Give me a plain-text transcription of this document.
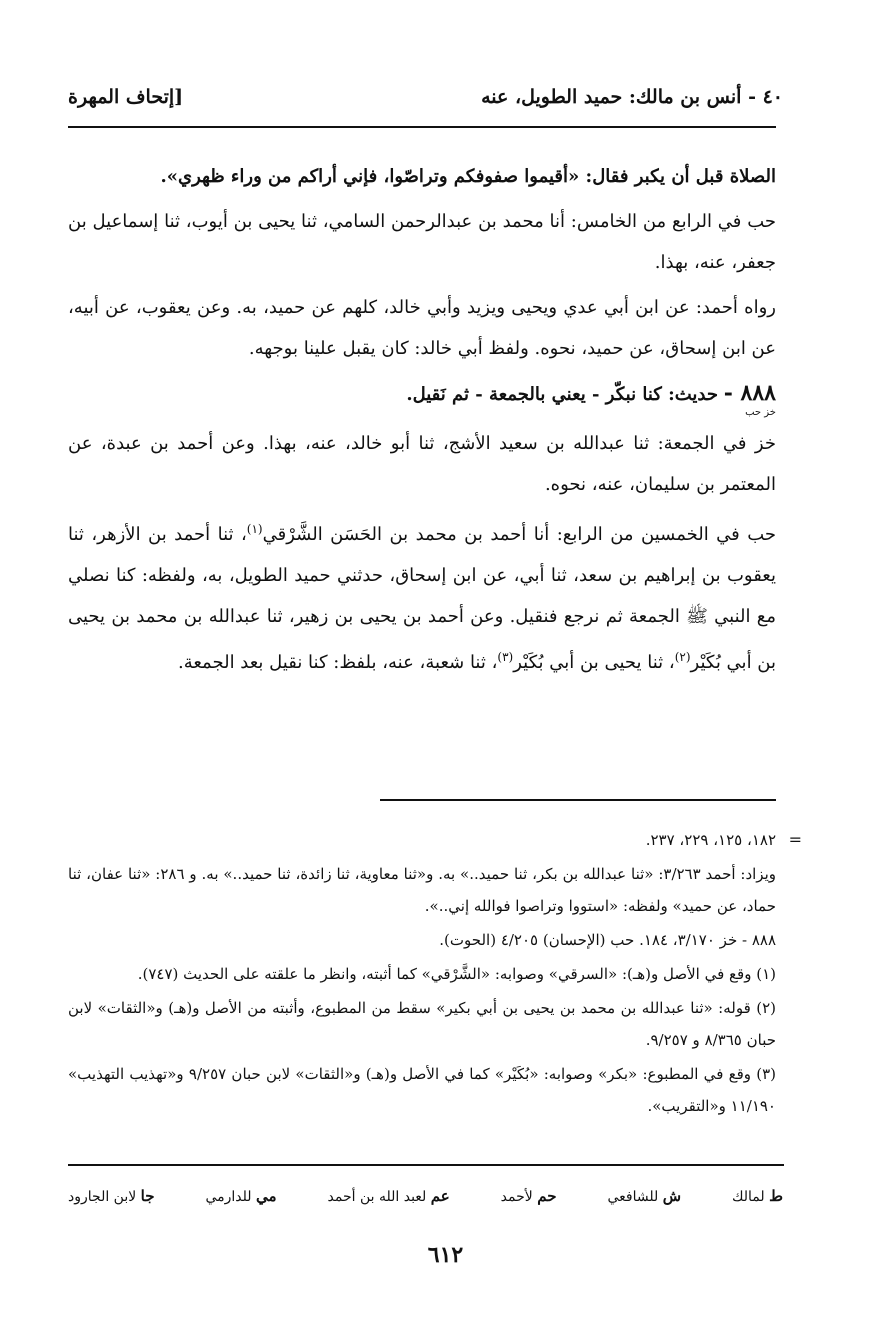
٤٠ - أنس بن مالك: حميد الطويل، عنه
[إتحاف المهرة

الصلاة قبل أن يكبر فقال: «أقيموا صفوفكم وتراصّوا، فإني أراكم من وراء ظهري».

حب في الرابع من الخامس: أنا محمد بن عبدالرحمن السامي، ثنا يحيى بن أيوب، ثنا إسماعيل بن جعفر، عنه، بهذا.

رواه أحمد: عن ابن أبي عدي ويحيى ويزيد وأبي خالد، كلهم عن حميد، به. وعن يعقوب، عن أبيه، عن ابن إسحاق، عن حميد، نحوه. ولفظ أبي خالد: كان يقبل علينا بوجهه.

٨٨٨ - حديث: كنا نبكّر - يعني بالجمعة - ثم نَقيل.
خز حب

خز في الجمعة: ثنا عبدالله بن سعيد الأشج، ثنا أبو خالد، عنه، بهذا. وعن أحمد بن عبدة، عن المعتمر بن سليمان، عنه، نحوه.

حب في الخمسين من الرابع: أنا أحمد بن محمد بن الحَسَن الشَّرْقي$^{(١)}$، ثنا أحمد بن الأزهر، ثنا يعقوب بن إبراهيم بن سعد، ثنا أبي، عن ابن إسحاق، حدثني حميد الطويل، به، ولفظه: كنا نصلي مع النبي ﷺ الجمعة ثم نرجع فنقيل. وعن أحمد بن يحيى بن زهير، ثنا عبدالله بن محمد بن يحيى بن أبي بُكَيْر$^{(٢)}$، ثنا يحيى بن أبي بُكَيْر$^{(٣)}$، ثنا شعبة، عنه، بلفظ: كنا نقيل بعد الجمعة.

=

١٨٢، ١٢٥، ٢٢٩، ٢٣٧.

ويزاد: أحمد ٣/٢٦٣: «ثنا عبدالله بن بكر، ثنا حميد..» به. و«ثنا معاوية، ثنا زائدة، ثنا حميد..» به. و ٢٨٦: «ثنا عفان، ثنا حماد، عن حميد» ولفظه: «استووا وتراصوا فوالله إني..».

٨٨٨ - خز ٣/١٧٠، ١٨٤. حب (الإحسان) ٤/٢٠٥ (الحوت).

(١) وقع في الأصل و(هـ): «السرقي» وصوابه: «الشَّرْقي» كما أثبته، وانظر ما علقته على الحديث (٧٤٧).

(٢) قوله: «ثنا عبدالله بن محمد بن يحيى بن أبي بكير» سقط من المطبوع، وأثبته من الأصل و(هـ) و«الثقات» لابن حبان ٨/٣٦٥ و ٩/٢٥٧.

(٣) وقع في المطبوع: «بكر» وصوابه: «بُكَيْر» كما في الأصل و(هـ) و«الثقات» لابن حبان ٩/٢٥٧ و«تهذيب التهذيب» ١١/١٩٠ و«التقريب».

ط لمالك
ش للشافعي
حم لأحمد
عم لعبد الله بن أحمد
مي للدارمي
جا لابن الجارود
٦١٢
